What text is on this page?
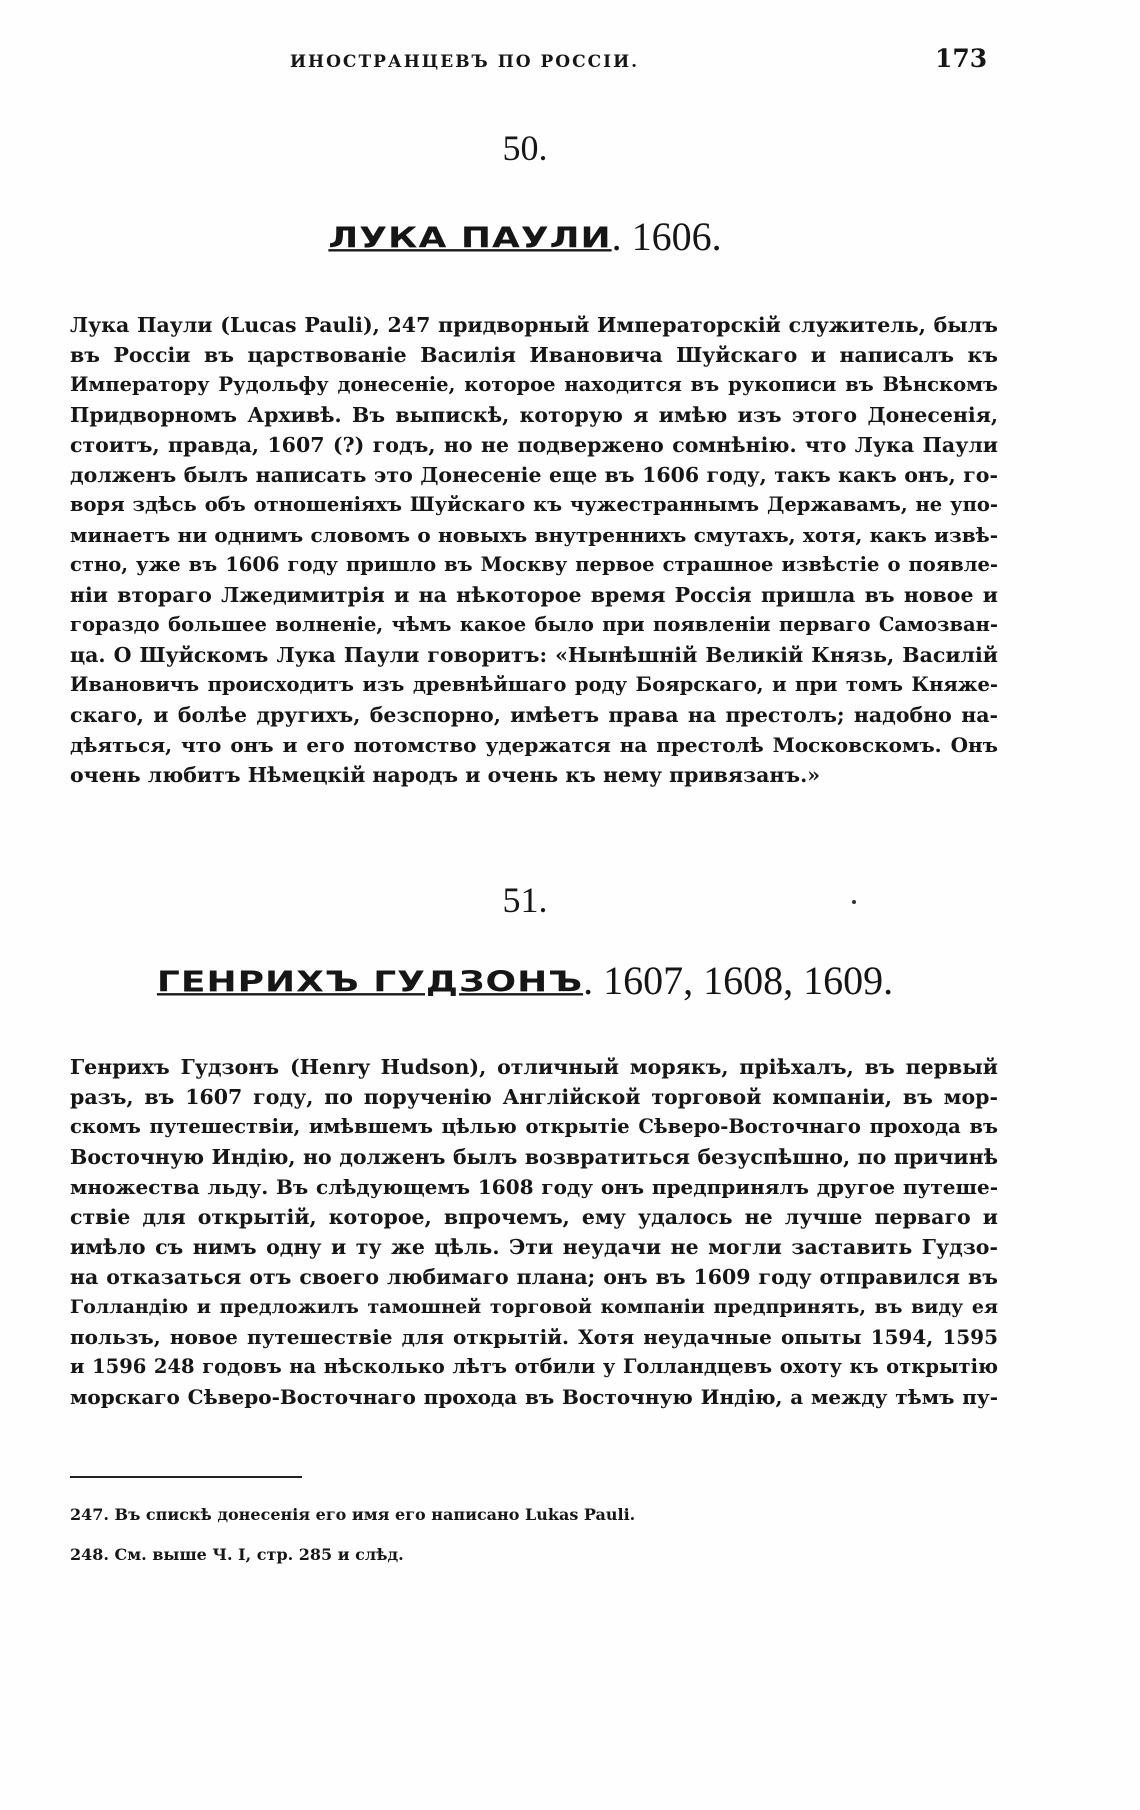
ИНОСТРАНЦЕВЪ ПО РОССІИ.	173
50.
ЛУКА ПАУЛИ. 1606.
Лука Паули (Lucas Pauli), 247 придворный Императорскій служитель, былъ
въ Россіи въ царствованіе Василія Ивановича Шуйскаго и написалъ къ
Императору Рудольфу донесеніе, которое находится въ рукописи въ Вѣнскомъ
Придворномъ Архивѣ. Въ выпискѣ, которую я имѣю изъ этого Донесенія,
стоитъ, правда, 1607 (?) годъ, но не подвержено сомнѣнію. что Лука Паули
долженъ былъ написать это Донесеніе еще въ 1606 году, такъ какъ онъ, го-
воря здѣсь объ отношеніяхъ Шуйскаго къ чужестраннымъ Державамъ, не упо-
минаетъ ни однимъ словомъ о новыхъ внутреннихъ смутахъ, хотя, какъ извѣ-
стно, уже въ 1606 году пришло въ Москву первое страшное извѣстіе о появле-
ніи втораго Лжедимитрія и на нѣкоторое время Россія пришла въ новое и
гораздо большее волненіе, чѣмъ какое было при появленіи перваго Самозван-
ца. О Шуйскомъ Лука Паули говоритъ: «Нынѣшній Великій Князь, Василій
Ивановичъ происходитъ изъ древнѣйшаго роду Боярскаго, и при томъ Княже-
скаго, и болѣе другихъ, безспорно, имѣетъ права на престолъ; надобно на-
дѣяться, что онъ и его потомство удержатся на престолѣ Московскомъ. Онъ
очень любитъ Нѣмецкій народъ и очень къ нему привязанъ.»
51.
ГЕНРИХЪ ГУДЗОНЪ. 1607, 1608, 1609.
Генрихъ Гудзонъ (Henry Hudson), отличный морякъ, пріѣхалъ, въ первый
разъ, въ 1607 году, по порученію Англійской торговой компаніи, въ мор-
скомъ путешествіи, имѣвшемъ цѣлью открытіе Сѣверо-Восточнаго прохода въ
Восточную Индію, но долженъ былъ возвратиться безуспѣшно, по причинѣ
множества льду. Въ слѣдующемъ 1608 году онъ предпринялъ другое путеше-
ствіе для открытій, которое, впрочемъ, ему удалось не лучше перваго и
имѣло съ нимъ одну и ту же цѣль. Эти неудачи не могли заставить Гудзо-
на отказаться отъ своего любимаго плана; онъ въ 1609 году отправился въ
Голландію и предложилъ тамошней торговой компаніи предпринять, въ виду ея
пользъ, новое путешествіе для открытій. Хотя неудачные опыты 1594, 1595
и 1596 248 годовъ на нѣсколько лѣтъ отбили у Голландцевъ охоту къ открытію
морскаго Сѣверо-Восточнаго прохода въ Восточную Индію, а между тѣмъ пу-
247. Въ спискѣ донесенія его имя его написано Lukas Pauli.
248. См. выше Ч. I, стр. 285 и слѣд.
